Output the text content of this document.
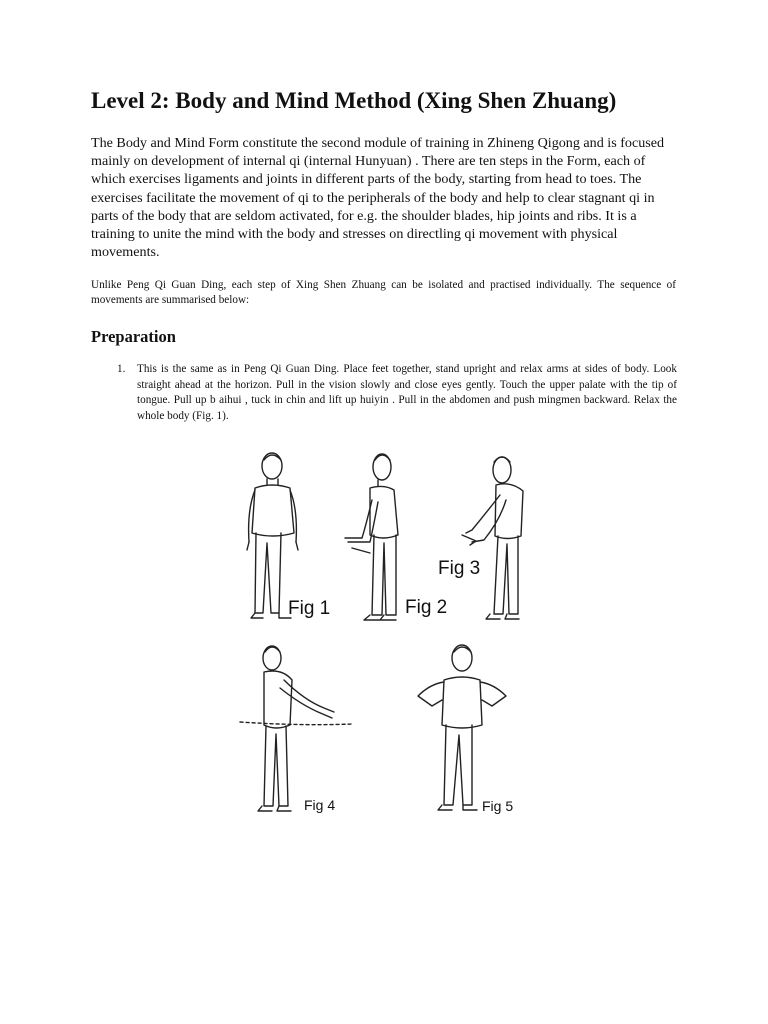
Level 2: Body and Mind Method (Xing Shen Zhuang)

The Body and Mind Form constitute the second module of training in Zhineng Qigong and is focused mainly on development of internal qi (internal Hunyuan) . There are ten steps in the Form, each of which exercises ligaments and joints in different parts of the body, starting from head to toes. The exercises facilitate the movement of qi to the peripherals of the body and help to clear stagnant qi in parts of the body that are seldom activated, for e.g. the shoulder blades, hip joints and ribs. It is a training to unite the mind with the body and stresses on directling qi movement with physical movements.

Unlike Peng Qi Guan Ding, each step of Xing Shen Zhuang can be isolated and practised individually. The sequence of movements are summarised below:

Preparation
1. This is the same as in Peng Qi Guan Ding. Place feet together, stand upright and relax arms at sides of body. Look straight ahead at the horizon. Pull in the vision slowly and close eyes gently. Touch the upper palate with the tip of tongue. Pull up b aihui , tuck in chin and lift up huiyin . Pull in the abdomen and push mingmen backward. Relax the whole body (Fig. 1).
Fig 1	Fig 2
Fig 3
Fig 4	Fig 5
